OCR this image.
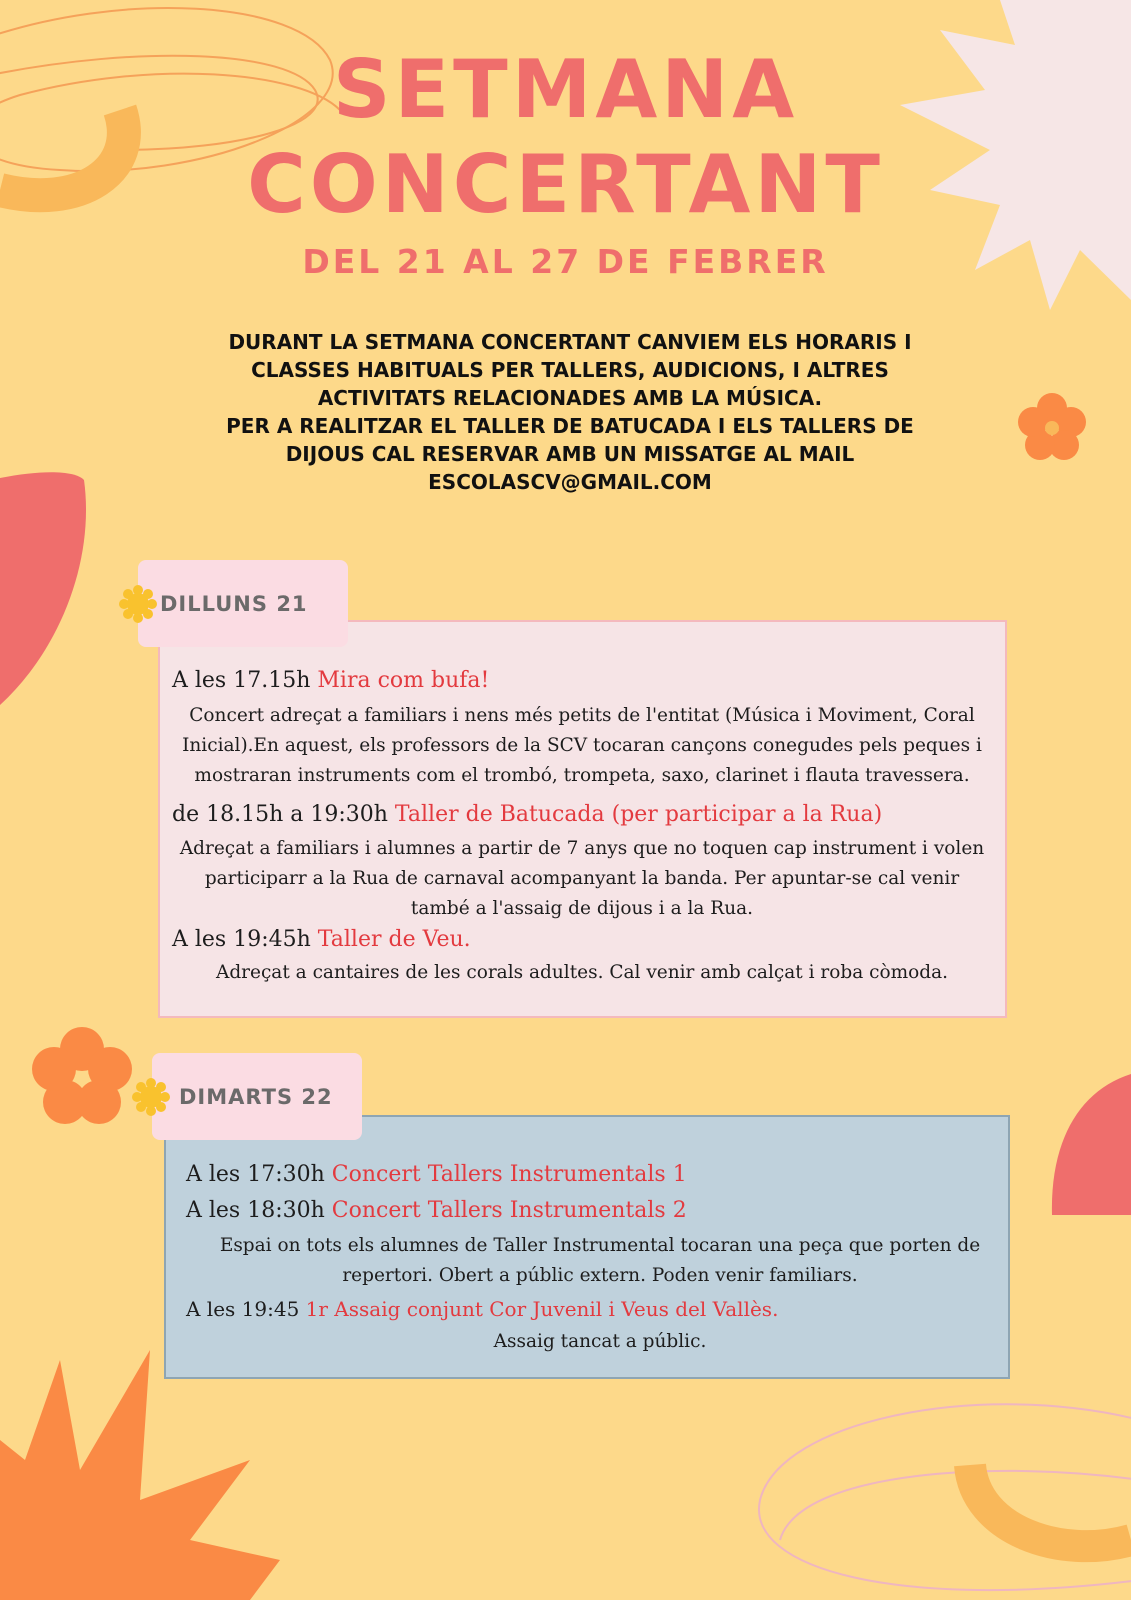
SETMANA
CONCERTANT
DEL 21 AL 27 DE FEBRER
DURANT LA SETMANA CONCERTANT CANVIEM ELS HORARIS I
CLASSES HABITUALS PER TALLERS, AUDICIONS, I ALTRES
ACTIVITATS RELACIONADES AMB LA MÚSICA.
PER A REALITZAR EL TALLER DE BATUCADA I ELS TALLERS DE
DIJOUS CAL RESERVAR AMB UN MISSATGE AL MAIL
ESCOLASCV@GMAIL.COM
DILLUNS 21
A les 17.15h Mira com bufa!
Concert adreçat a familiars i nens més petits de l'entitat (Música i Moviment, Coral
Inicial).En aquest, els professors de la SCV tocaran cançons conegudes pels peques i
mostraran instruments com el trombó, trompeta, saxo, clarinet i flauta travessera.
de 18.15h a 19:30h Taller de Batucada (per participar a la Rua)
Adreçat a familiars i alumnes a partir de 7 anys que no toquen cap instrument i volen
participarr a la Rua de carnaval acompanyant la banda. Per apuntar-se cal venir
també a l'assaig de dijous i a la Rua.
A les 19:45h Taller de Veu.
Adreçat a cantaires de les corals adultes. Cal venir amb calçat i roba còmoda.
DIMARTS 22
A les 17:30h Concert Tallers Instrumentals 1
A les 18:30h Concert Tallers Instrumentals 2
Espai on tots els alumnes de Taller Instrumental tocaran una peça que porten de
repertori. Obert a públic extern. Poden venir familiars.
A les 19:45 1r Assaig conjunt Cor Juvenil i Veus del Vallès.
Assaig tancat a públic.
